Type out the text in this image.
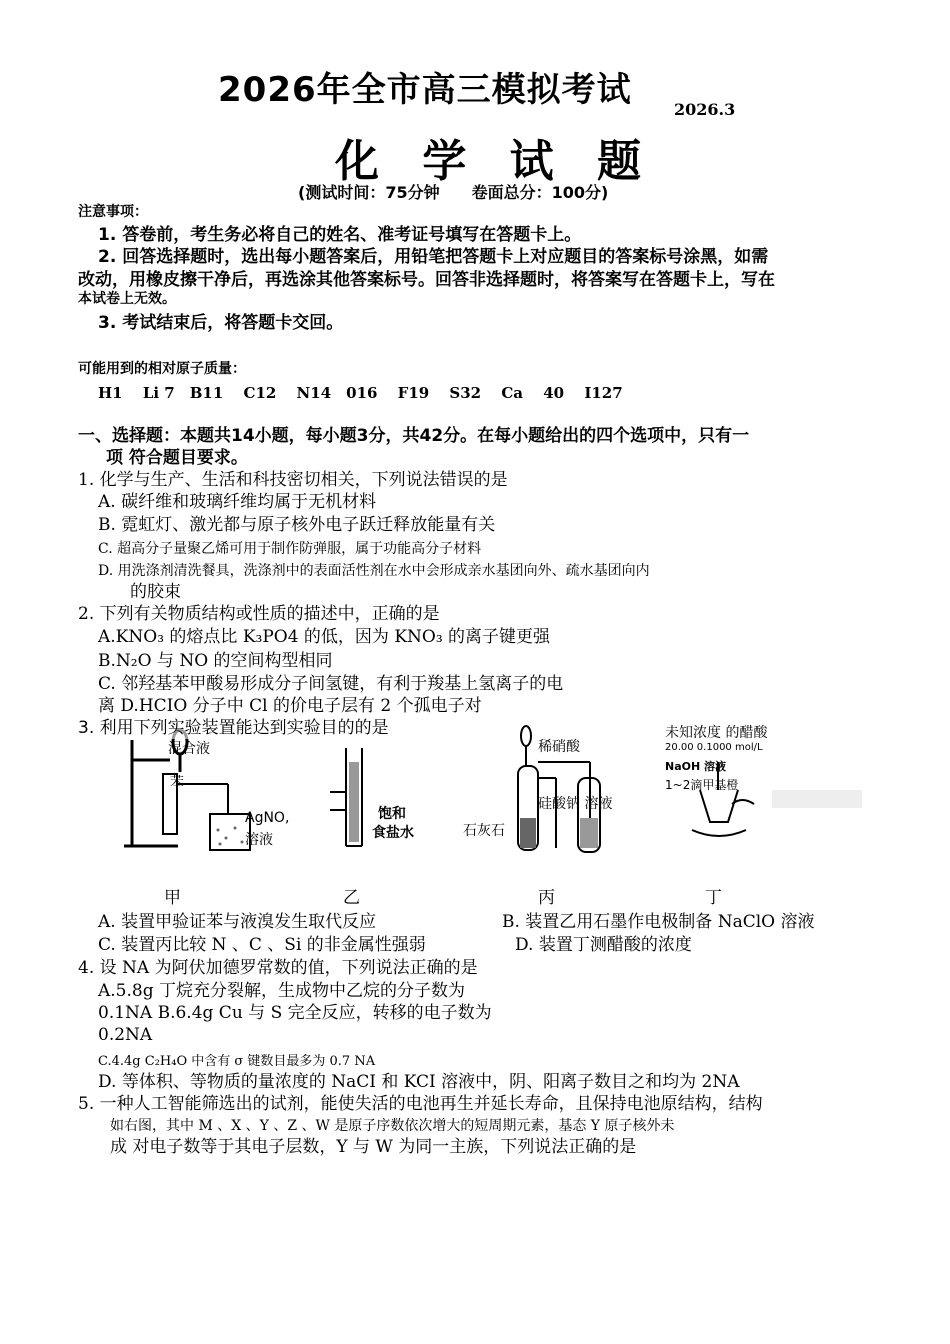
2026年全市高三模拟考试	2026.3
化 学 试 题
(测试时间：75分钟　　卷面总分：100分)
注意事项：
1. 答卷前，考生务必将自己的姓名、准考证号填写在答题卡上。
2. 回答选择题时，选出每小题答案后，用铅笔把答题卡上对应题目的答案标号涂黑，如需
改动，用橡皮擦干净后，再选涂其他答案标号。回答非选择题时，将答案写在答题卡上，写在
本试卷上无效。
3. 考试结束后，将答题卡交回。
可能用到的相对原子质量：
H1　 Li 7　B11　 C12　 N14　016　 F19　 S32　 Ca　 40　 I127
一、选择题：本题共14小题，每小题3分，共42分。在每小题给出的四个选项中，只有一
项 符合题目要求。
1. 化学与生产、生活和科技密切相关，下列说法错误的是
A. 碳纤维和玻璃纤维均属于无机材料
B. 霓虹灯、激光都与原子核外电子跃迁释放能量有关
C. 超高分子量聚乙烯可用于制作防弹服，属于功能高分子材料
D. 用洗涤剂清洗餐具，洗涤剂中的表面活性剂在水中会形成亲水基团向外、疏水基团向内
的胶束
2. 下列有关物质结构或性质的描述中，正确的是
A.KNO₃ 的熔点比 K₃PO4 的低，因为 KNO₃ 的离子键更强
B.N₂O 与 NO 的空间构型相同
C. 邻羟基苯甲酸易形成分子间氢键，有利于羧基上氢离子的电
离 D.HCIO 分子中 Cl 的价电子层有 2 个孤电子对
混合液
苯
AgNO,
溶液
饱和
食盐水
稀硝酸
石灰石
硅酸钠 溶液
未知浓度 的醋酸
20.00 0.1000 mol/L
NaOH 溶液
1~2滴甲基橙
3. 利用下列实验装置能达到实验目的的是
甲	乙	丙	丁
A. 装置甲验证苯与液溴发生取代反应	B. 装置乙用石墨作电极制备 NaClO 溶液
C. 装置丙比较 N 、C 、Si 的非金属性强弱	D. 装置丁测醋酸的浓度
4. 设 NA 为阿伏加德罗常数的值，下列说法正确的是
A.5.8g 丁烷充分裂解，生成物中乙烷的分子数为
0.1NA B.6.4g Cu 与 S 完全反应，转移的电子数为
0.2NA
C.4.4g C₂H₄O 中含有 σ 键数目最多为 0.7 NA
D. 等体积、等物质的量浓度的 NaCI 和 KCI 溶液中，阴、阳离子数目之和均为 2NA
5. 一种人工智能筛选出的试剂，能使失活的电池再生并延长寿命，且保持电池原结构，结构
如右图，其中 M 、X 、Y 、Z 、W 是原子序数依次增大的短周期元素，基态 Y 原子核外未
成 对电子数等于其电子层数，Y 与 W 为同一主族，下列说法正确的是
